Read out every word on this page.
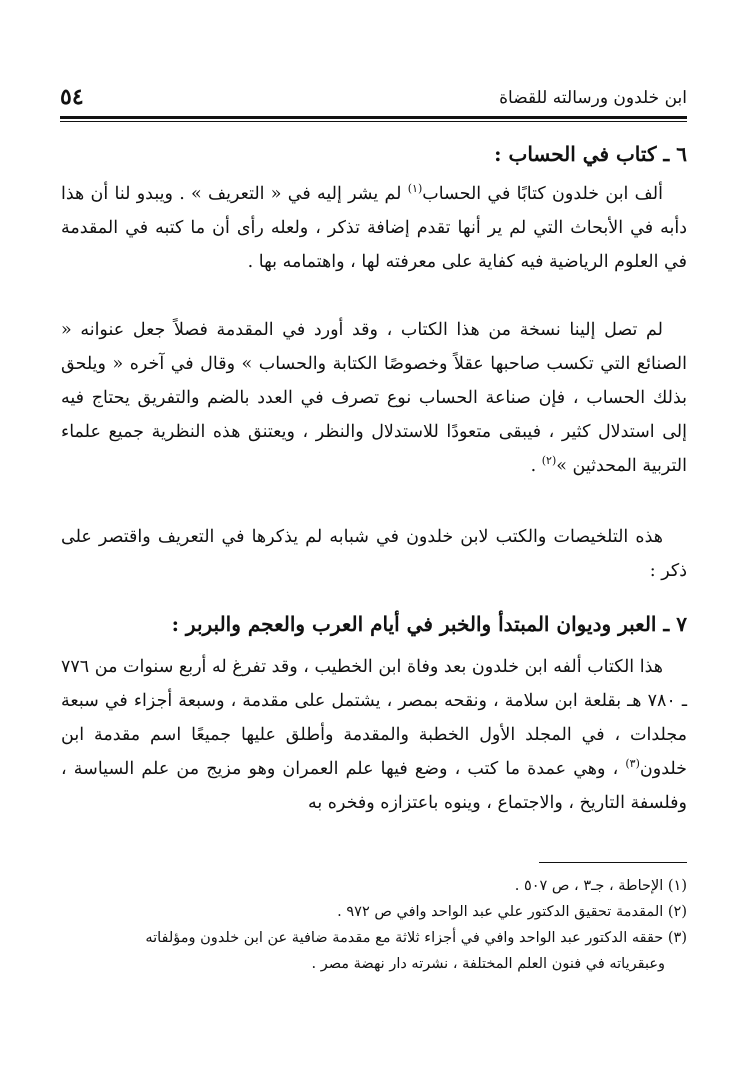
ابن خلدون ورسالته للقضاة
٥٤
٦ ـ كتاب في الحساب :
ألف ابن خلدون كتابًا في الحساب$^{(١)}$ لم يشر إليه في « التعريف » . ويبدو لنا أن هذا دأبه في الأبحاث التي لم ير أنها تقدم إضافة تذكر ، ولعله رأى أن ما كتبه في المقدمة في العلوم الرياضية فيه كفاية على معرفته لها ، واهتمامه بها .
لم تصل إلينا نسخة من هذا الكتاب ، وقد أورد في المقدمة فصلاً جعل عنوانه « الصنائع التي تكسب صاحبها عقلاً وخصوصًا الكتابة والحساب » وقال في آخره « ويلحق بذلك الحساب ، فإن صناعة الحساب نوع تصرف في العدد بالضم والتفريق يحتاج فيه إلى استدلال كثير ، فيبقى متعودًا للاستدلال والنظر ، ويعتنق هذه النظرية جميع علماء التربية المحدثين »$^{(٢)}$ .
هذه التلخيصات والكتب لابن خلدون في شبابه لم يذكرها في التعريف واقتصر على ذكر :
٧ ـ العبر وديوان المبتدأ والخبر في أيام العرب والعجم والبربر :
هذا الكتاب ألفه ابن خلدون بعد وفاة ابن الخطيب ، وقد تفرغ له أربع سنوات من ٧٧٦ ـ ٧٨٠ هـ بقلعة ابن سلامة ، ونقحه بمصر ، يشتمل على مقدمة ، وسبعة أجزاء في سبعة مجلدات ، في المجلد الأول الخطبة والمقدمة وأطلق عليها جميعًا اسم مقدمة ابن خلدون$^{(٣)}$ ، وهي عمدة ما كتب ، وضع فيها علم العمران وهو مزيج من علم السياسة ، وفلسفة التاريخ ، والاجتماع ، وينوه باعتزازه وفخره به
(١) الإحاطة ، جـ٣ ، ص ٥٠٧ .
(٢) المقدمة تحقيق الدكتور علي عبد الواحد وافي ص ٩٧٢ .
(٣) حققه الدكتور عبد الواحد وافي في أجزاء ثلاثة مع مقدمة ضافية عن ابن خلدون ومؤلفاته
وعبقرياته في فنون العلم المختلفة ، نشرته دار نهضة مصر .
